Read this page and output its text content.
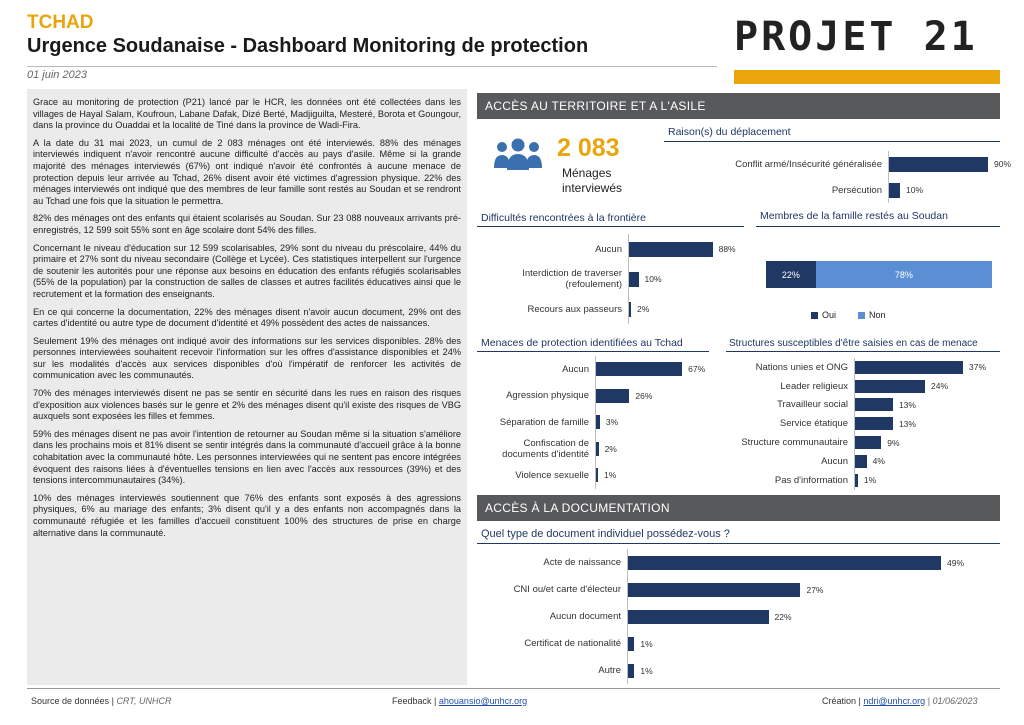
TCHAD
Urgence Soudanaise - Dashboard Monitoring de protection
01 juin 2023
PROJET 21

Grace au monitoring de protection (P21) lancé par le HCR, les données ont été collectées dans les villages de Hayal Salam, Koufroun, Labane Dafak, Dizé Berté, Madjiguilta, Mesteré, Borota et Goungour, dans la province du Ouaddai et la localité de Tiné dans la province de Wadi-Fira.

A la date du 31 mai 2023, un cumul de 2 083 ménages ont été interviewés. 88% des ménages interviewés indiquent n'avoir rencontré aucune difficulté d'accès au pays d'asile. Même si la grande majorité des ménages interviewés (67%) ont indiqué n'avoir été confrontés à aucune menace de protection depuis leur arrivée au Tchad, 26% disent avoir été victimes d'agression physique. 22% des ménages interviewés ont indiqué que des membres de leur famille sont restés au Soudan et se rendront au Tchad une fois que la situation le permettra.

82% des ménages ont des enfants qui étaient scolarisés au Soudan. Sur 23 088 nouveaux arrivants pré-enregistrés, 12 599 soit 55% sont en âge scolaire dont 54% des filles.

Concernant le niveau d'éducation sur 12 599 scolarisables, 29% sont du niveau du préscolaire, 44% du primaire et 27% sont du niveau secondaire (Collège et Lycée). Ces statistiques interpellent sur l'urgence de soutenir les autorités pour une réponse aux besoins en éducation des enfants réfugiés scolarisables (55% de la population) par la construction de salles de classes et autres facilités éducatives ainsi que le recrutement et la formation des enseignants.

En ce qui concerne la documentation, 22% des ménages disent n'avoir aucun document, 29% ont des cartes d'identité ou autre type de document d'identité et 49% possèdent des actes de naissances.

Seulement 19% des ménages ont indiqué avoir des informations sur les services disponibles. 28% des personnes interviewées souhaitent recevoir l'information sur les offres d'assistance disponibles et 24% sur les modalités d'accès aux services disponibles d'où l'impératif de renforcer les activités de communication avec les communautés.

70% des ménages interviewés disent ne pas se sentir en sécurité dans les rues en raison des risques d'exposition aux violences basés sur le genre et 2% des ménages disent qu'il existe des risques de VBG auxquels sont exposées les filles et femmes.

59% des ménages disent ne pas avoir l'intention de retourner au Soudan même si la situation s'améliore dans les prochains mois et 81% disent se sentir intégrés dans la communauté d'accueil grâce à la bonne cohabitation avec la communauté hôte. Les personnes interviewées qui ne sentent pas encore intégrées évoquent des raisons liées à d'éventuelles tensions en lien avec l'accès aux ressources (39%) et des tensions intercommunautaires (34%).

10% des ménages interviewés soutiennent que 76% des enfants sont exposés à des agressions physiques, 6% au mariage des enfants; 3% disent qu'il y a des enfants non accompagnés dans la communauté réfugiée et les familles d'accueil constituent 100% des structures de prise en charge alternative dans la communauté.

ACCÈS AU TERRITOIRE ET A L'ASILE
2 083
Ménages
interviewés
Raison(s) du déplacement
Difficultés rencontrées à la frontière	Membres de la famille restés au Soudan
Menaces de protection identifiées au Tchad	Structures susceptibles d'être saisies en cas de menace
ACCÈS À LA DOCUMENTATION
Quel type de document individuel possédez-vous ?
Conflit armé/Insécurité généralisée	90%
Persécution	10%
Aucun	88%
Interdiction de traverser (refoulement)	10%
Recours aux passeurs 2%
Aucun	67%
Agression physique	26%
Séparation de famille 3%
Confiscation de documents d'identité 2%
Violence sexuelle 1%
Nations unies et ONG	37%
Leader religieux	24%
Travailleur social	13%
Service étatique	13%
Structure communautaire	9%
Aucun	4%
Pas d'information 1%
Acte de naissance	49%
CNI ou/et carte d'électeur	27%
Aucun document	22%
Certificat de nationalité 1%
Autre 1%
22%	78%
Oui	Non
Source de données | CRT, UNHCR	Feedback | ahouansio@unhcr.org	Création | ndri@unhcr.org | 01/06/2023
